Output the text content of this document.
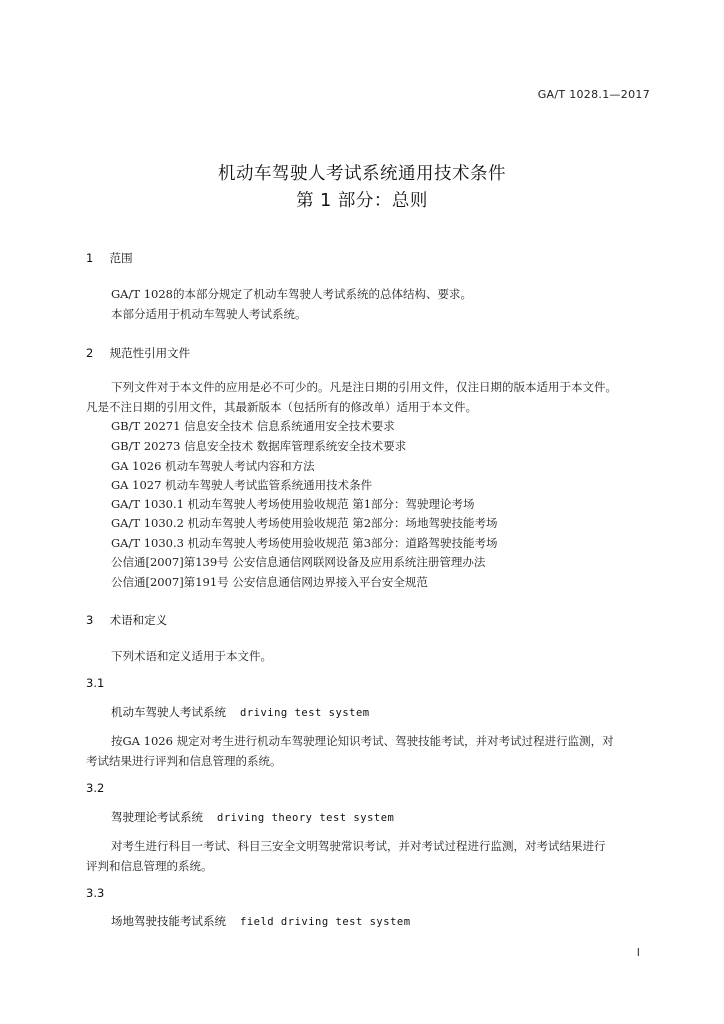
GA/T 1028.1—2017
机动车驾驶人考试系统通用技术条件
第 1 部分：总则
1 范围
GA/T 1028的本部分规定了机动车驾驶人考试系统的总体结构、要求。
本部分适用于机动车驾驶人考试系统。
2 规范性引用文件
下列文件对于本文件的应用是必不可少的。凡是注日期的引用文件，仅注日期的版本适用于本文件。
凡是不注日期的引用文件，其最新版本（包括所有的修改单）适用于本文件。
GB/T 20271 信息安全技术 信息系统通用安全技术要求
GB/T 20273 信息安全技术 数据库管理系统安全技术要求
GA 1026 机动车驾驶人考试内容和方法
GA 1027 机动车驾驶人考试监管系统通用技术条件
GA/T 1030.1 机动车驾驶人考场使用验收规范 第1部分：驾驶理论考场
GA/T 1030.2 机动车驾驶人考场使用验收规范 第2部分：场地驾驶技能考场
GA/T 1030.3 机动车驾驶人考场使用验收规范 第3部分：道路驾驶技能考场
公信通[2007]第139号 公安信息通信网联网设备及应用系统注册管理办法
公信通[2007]第191号 公安信息通信网边界接入平台安全规范
3 术语和定义
下列术语和定义适用于本文件。
3.1
机动车驾驶人考试系统 driving test system
按GA 1026 规定对考生进行机动车驾驶理论知识考试、驾驶技能考试，并对考试过程进行监测，对
考试结果进行评判和信息管理的系统。
3.2
驾驶理论考试系统 driving theory test system
对考生进行科目一考试、科目三安全文明驾驶常识考试，并对考试过程进行监测，对考试结果进行
评判和信息管理的系统。
3.3
场地驾驶技能考试系统 field driving test system
I
